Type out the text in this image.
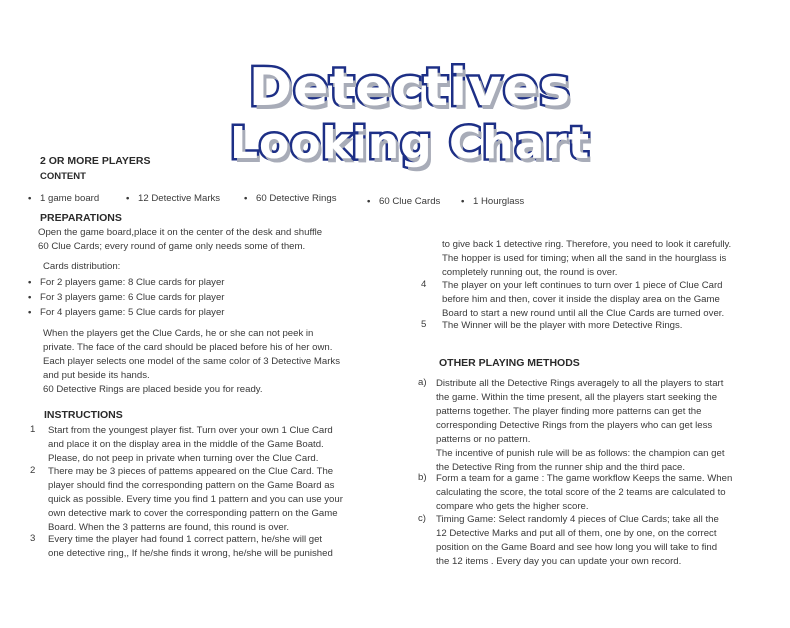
Detectives
Looking Chart
2 OR MORE PLAYERS
CONTENT
• 1 game board	• 12 Detective Marks	• 60 Detective Rings	• 60 Clue Cards	• 1 Hourglass
PREPARATIONS
Open the game board,place it on the center of the desk and shuffle
60 Clue Cards; every round of game only needs some of them.
Cards distribution:
• For 2 players game: 8 Clue cards for player
• For 3 players game: 6 Clue cards for player
• For 4 players game: 5 Clue cards for player
When the players get the Clue Cards, he or she can not peek in
private. The face of the card should be placed before his of her own.
Each player selects one model of the same color of 3 Detective Marks
and put beside its hands.
60 Detective Rings are placed beside you for ready.
INSTRUCTIONS
1 Start from the youngest player fist. Turn over your own 1 Clue Card
and place it on the display area in the middle of the Game Boatd.
Please, do not peep in private when turning over the Clue Card.
2 There may be 3 pieces of pattems appeared on the Clue Card. The
player should find the corresponding pattern on the Game Board as
quick as possible. Every time you find 1 pattern and you can use your
own detective mark to cover the corresponding pattern on the Game
Board. When the 3 patterns are found, this round is over.
3 Every time the player had found 1 correct pattern, he/she will get
one detective ring,, If he/she finds it wrong, he/she will be punished
to give back 1 detective ring. Therefore, you need to look it carefully.
The hopper is used for timing; when all the sand in the hourglass is
completely running out, the round is over.
4 The player on your left continues to turn over 1 piece of Clue Card
before him and then, cover it inside the display area on the Game
Board to start a new round until all the Clue Cards are turned over.
5 The Winner will be the player with more Detective Rings.
OTHER PLAYING METHODS
a) Distribute all the Detective Rings averagely to all the players to start
the game. Within the time present, all the players start seeking the
patterns together. The player finding more patterns can get the
corresponding Detective Rings from the players who can get less
patterns or no pattern.
The incentive of punish rule will be as follows: the champion can get
the Detective Ring from the runner ship and the third pace.
b) Form a team for a game : The game workflow Keeps the same. When
calculating the score, the total score of the 2 teams are calculated to
compare who gets the higher score.
c) Timing Game: Select randomly 4 pieces of Clue Cards; take all the
12 Detective Marks and put all of them, one by one, on the correct
position on the Game Board and see how long you will take to find
the 12 items . Every day you can update your own record.
